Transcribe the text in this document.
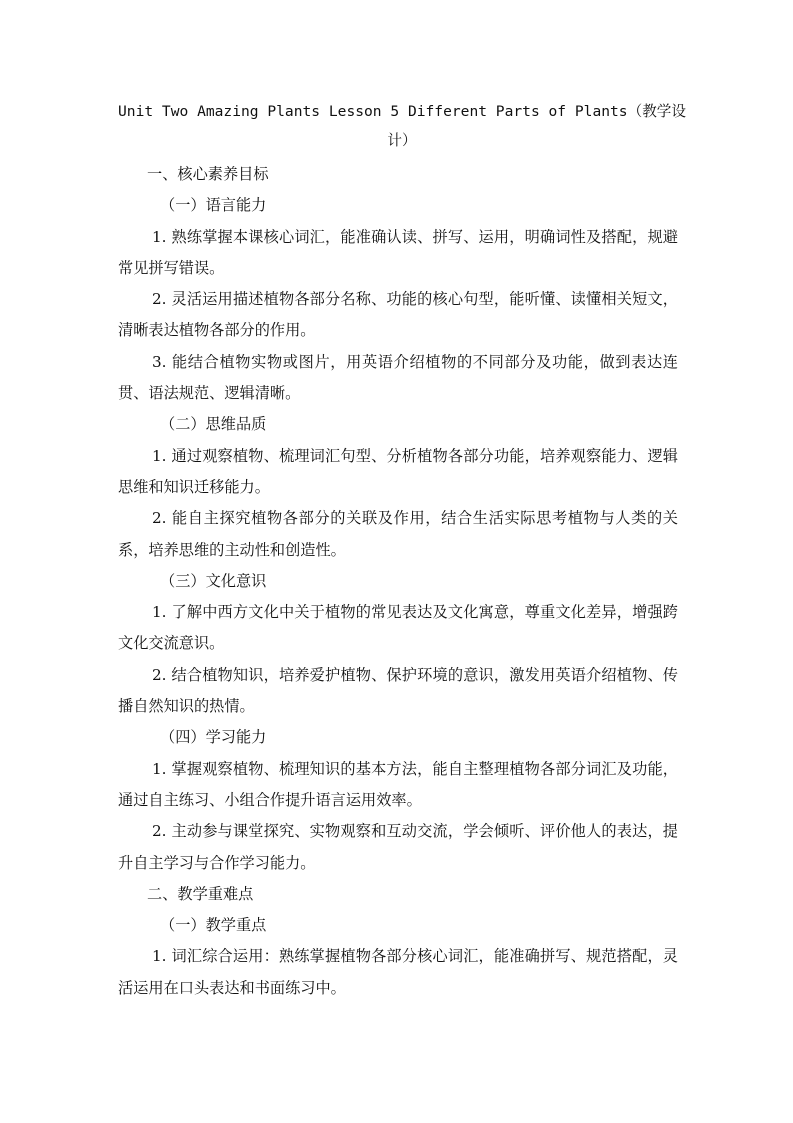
Unit Two Amazing Plants Lesson 5 Different Parts of Plants（教学设计）

一、核心素养目标

（一）语言能力

1. 熟练掌握本课核心词汇，能准确认读、拼写、运用，明确词性及搭配，规避常见拼写错误。

2. 灵活运用描述植物各部分名称、功能的核心句型，能听懂、读懂相关短文，清晰表达植物各部分的作用。

3. 能结合植物实物或图片，用英语介绍植物的不同部分及功能，做到表达连贯、语法规范、逻辑清晰。

（二）思维品质

1. 通过观察植物、梳理词汇句型、分析植物各部分功能，培养观察能力、逻辑思维和知识迁移能力。

2. 能自主探究植物各部分的关联及作用，结合生活实际思考植物与人类的关系，培养思维的主动性和创造性。

（三）文化意识

1. 了解中西方文化中关于植物的常见表达及文化寓意，尊重文化差异，增强跨文化交流意识。

2. 结合植物知识，培养爱护植物、保护环境的意识，激发用英语介绍植物、传播自然知识的热情。

（四）学习能力

1. 掌握观察植物、梳理知识的基本方法，能自主整理植物各部分词汇及功能，通过自主练习、小组合作提升语言运用效率。

2. 主动参与课堂探究、实物观察和互动交流，学会倾听、评价他人的表达，提升自主学习与合作学习能力。

二、教学重难点

（一）教学重点

1. 词汇综合运用：熟练掌握植物各部分核心词汇，能准确拼写、规范搭配，灵活运用在口头表达和书面练习中。
